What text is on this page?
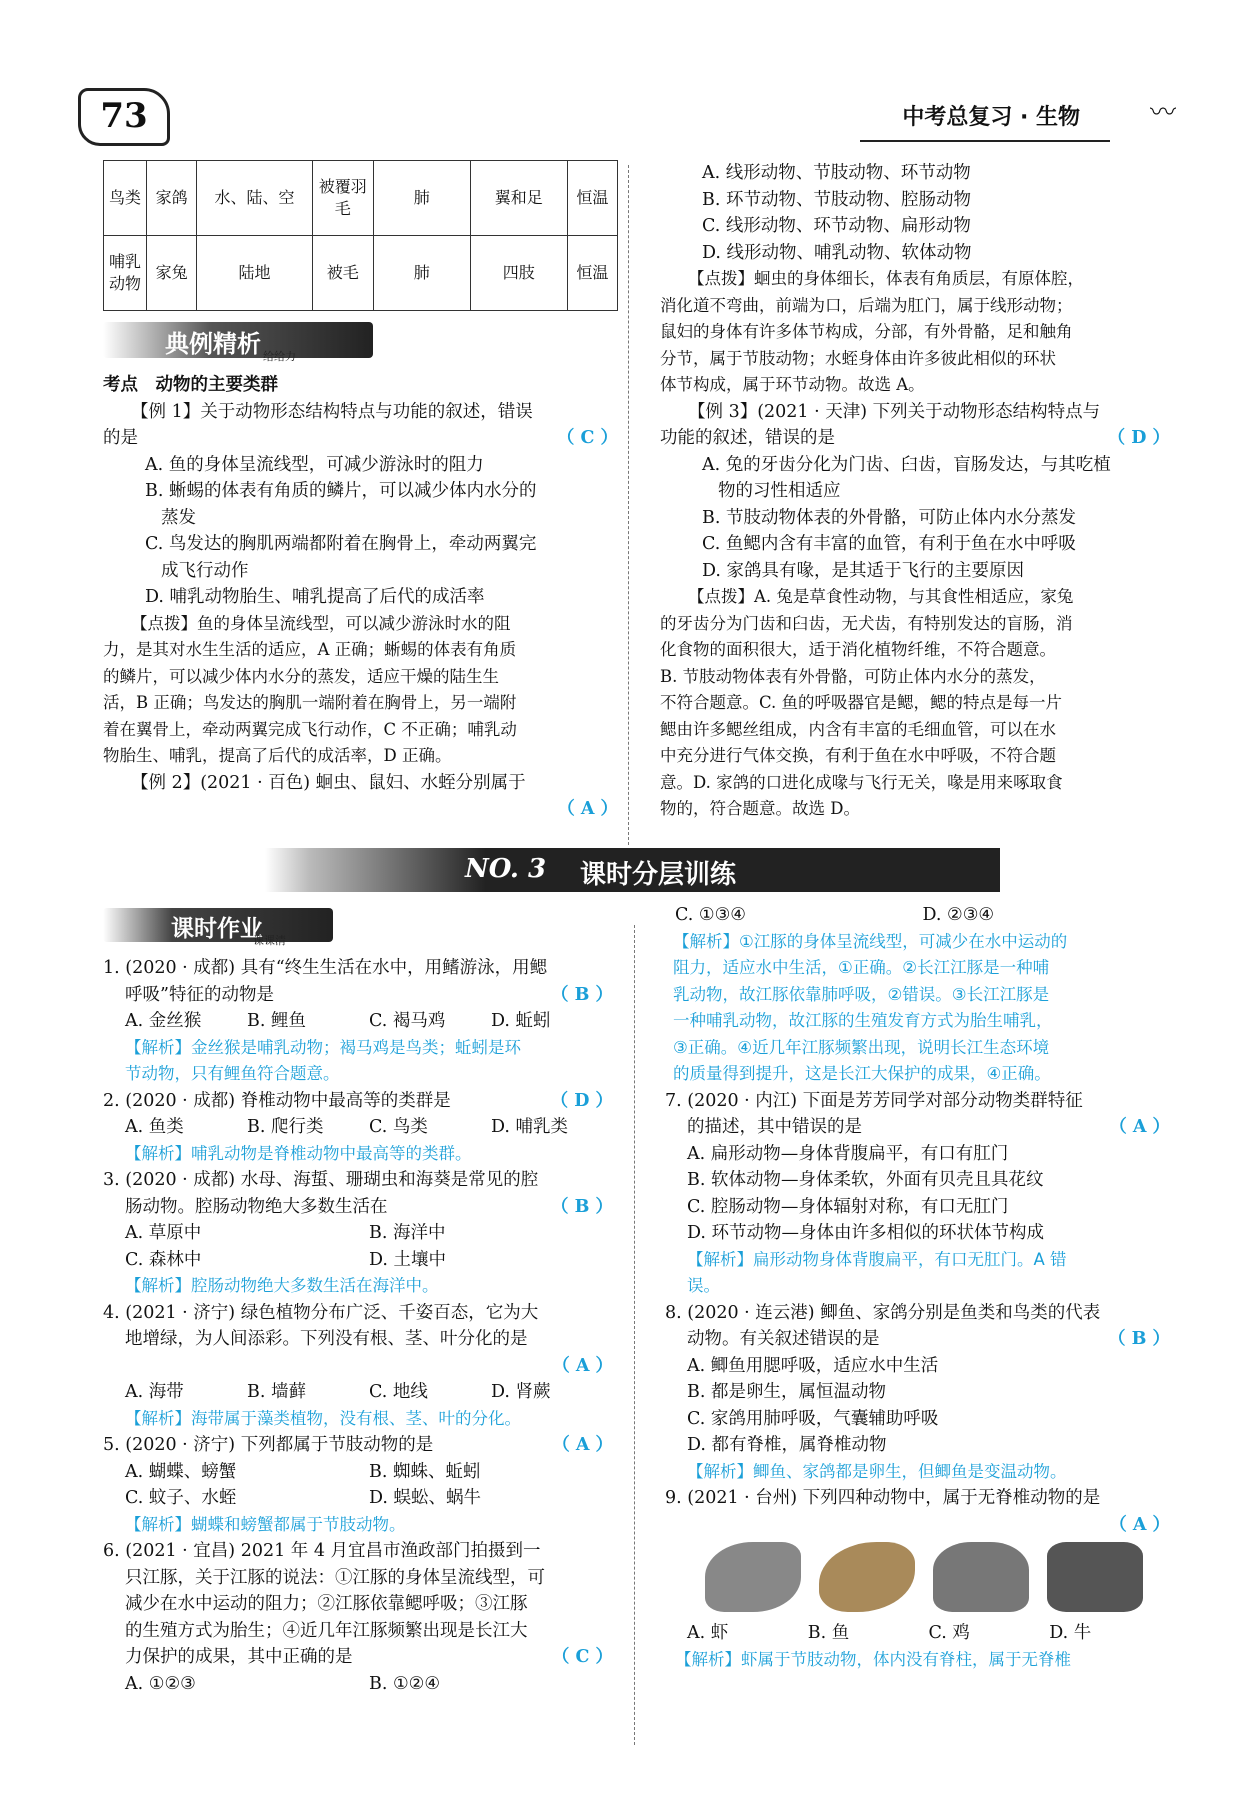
73	中考总复习 · 生物	〰
鸟类	家鸽	水、陆、空	被覆羽毛	肺	翼和足	恒温
哺乳动物	家兔	陆地	被毛	肺	四肢	恒温
典例精析 给给力

考点　动物的主要类群

【例 1】关于动物形态结构特点与功能的叙述，错误

的是	（ C ）

A. 鱼的身体呈流线型，可减少游泳时的阻力

B. 蜥蜴的体表有角质的鳞片，可以减少体内水分的

蒸发

C. 鸟发达的胸肌两端都附着在胸骨上，牵动两翼完

成飞行动作

D. 哺乳动物胎生、哺乳提高了后代的成活率

【点拨】鱼的身体呈流线型，可以减少游泳时水的阻

力，是其对水生生活的适应，A 正确；蜥蜴的体表有角质

的鳞片，可以减少体内水分的蒸发，适应干燥的陆生生

活，B 正确；鸟发达的胸肌一端附着在胸骨上，另一端附

着在翼骨上，牵动两翼完成飞行动作，C 不正确；哺乳动

物胎生、哺乳，提高了后代的成活率，D 正确。

【例 2】(2021 · 百色) 蛔虫、鼠妇、水蛭分别属于

（ A ）

A. 线形动物、节肢动物、环节动物

B. 环节动物、节肢动物、腔肠动物

C. 线形动物、环节动物、扁形动物

D. 线形动物、哺乳动物、软体动物

【点拨】蛔虫的身体细长，体表有角质层，有原体腔，

消化道不弯曲，前端为口，后端为肛门，属于线形动物；

鼠妇的身体有许多体节构成，分部，有外骨骼，足和触角

分节，属于节肢动物；水蛭身体由许多彼此相似的环状

体节构成，属于环节动物。故选 A。

【例 3】(2021 · 天津) 下列关于动物形态结构特点与

功能的叙述，错误的是	（ D ）

A. 兔的牙齿分化为门齿、臼齿，盲肠发达，与其吃植

物的习性相适应

B. 节肢动物体表的外骨骼，可防止体内水分蒸发

C. 鱼鳃内含有丰富的血管，有利于鱼在水中呼吸

D. 家鸽具有喙，是其适于飞行的主要原因

【点拨】A. 兔是草食性动物，与其食性相适应，家兔

的牙齿分为门齿和臼齿，无犬齿，有特别发达的盲肠，消

化食物的面积很大，适于消化植物纤维，不符合题意。

B. 节肢动物体表有外骨骼，可防止体内水分的蒸发，

不符合题意。C. 鱼的呼吸器官是鳃，鳃的特点是每一片

鳃由许多鳃丝组成，内含有丰富的毛细血管，可以在水

中充分进行气体交换，有利于鱼在水中呼吸，不符合题

意。D. 家鸽的口进化成喙与飞行无关，喙是用来啄取食

物的，符合题意。故选 D。

NO. 3 课时分层训练
课时作业
课课清

1. (2020 · 成都) 具有“终生生活在水中，用鳍游泳，用鳃

呼吸”特征的动物是	（ B ）

A. 金丝猴	B. 鲤鱼	C. 褐马鸡	D. 蚯蚓

【解析】金丝猴是哺乳动物；褐马鸡是鸟类；蚯蚓是环

节动物，只有鲤鱼符合题意。

2. (2020 · 成都) 脊椎动物中最高等的类群是	（ D ）

A. 鱼类	B. 爬行类	C. 鸟类	D. 哺乳类

【解析】哺乳动物是脊椎动物中最高等的类群。

3. (2020 · 成都) 水母、海蜇、珊瑚虫和海葵是常见的腔

肠动物。腔肠动物绝大多数生活在	（ B ）

A. 草原中	B. 海洋中
C. 森林中	D. 土壤中

【解析】腔肠动物绝大多数生活在海洋中。

4. (2021 · 济宁) 绿色植物分布广泛、千姿百态，它为大

地增绿，为人间添彩。下列没有根、茎、叶分化的是

（ A ）

A. 海带	B. 墙藓	C. 地线	D. 肾蕨

【解析】海带属于藻类植物，没有根、茎、叶的分化。

5. (2020 · 济宁) 下列都属于节肢动物的是	（ A ）

A. 蝴蝶、螃蟹	B. 蜘蛛、蚯蚓
C. 蚊子、水蛭	D. 蜈蚣、蜗牛

【解析】蝴蝶和螃蟹都属于节肢动物。

6. (2021 · 宜昌) 2021 年 4 月宜昌市渔政部门拍摄到一

只江豚，关于江豚的说法：①江豚的身体呈流线型，可

减少在水中运动的阻力；②江豚依靠鳃呼吸；③江豚

的生殖方式为胎生；④近几年江豚频繁出现是长江大

力保护的成果，其中正确的是	（ C ）

A. ①②③	B. ①②④
C. ①③④	D. ②③④

【解析】①江豚的身体呈流线型，可减少在水中运动的

阻力，适应水中生活，①正确。②长江江豚是一种哺

乳动物，故江豚依靠肺呼吸，②错误。③长江江豚是

一种哺乳动物，故江豚的生殖发育方式为胎生哺乳，

③正确。④近几年江豚频繁出现，说明长江生态环境

的质量得到提升，这是长江大保护的成果，④正确。

7. (2020 · 内江) 下面是芳芳同学对部分动物类群特征

的描述，其中错误的是	（ A ）

A. 扁形动物—身体背腹扁平，有口有肛门

B. 软体动物—身体柔软，外面有贝壳且具花纹

C. 腔肠动物—身体辐射对称，有口无肛门

D. 环节动物—身体由许多相似的环状体节构成

【解析】扁形动物身体背腹扁平，有口无肛门。A 错

误。

8. (2020 · 连云港) 鲫鱼、家鸽分别是鱼类和鸟类的代表

动物。有关叙述错误的是	（ B ）

A. 鲫鱼用腮呼吸，适应水中生活

B. 都是卵生，属恒温动物

C. 家鸽用肺呼吸，气囊辅助呼吸

D. 都有脊椎，属脊椎动物

【解析】鲫鱼、家鸽都是卵生，但鲫鱼是变温动物。

9. (2021 · 台州) 下列四种动物中，属于无脊椎动物的是

（ A ）

A. 虾	B. 鱼	C. 鸡	D. 牛

【解析】虾属于节肢动物，体内没有脊柱，属于无脊椎
